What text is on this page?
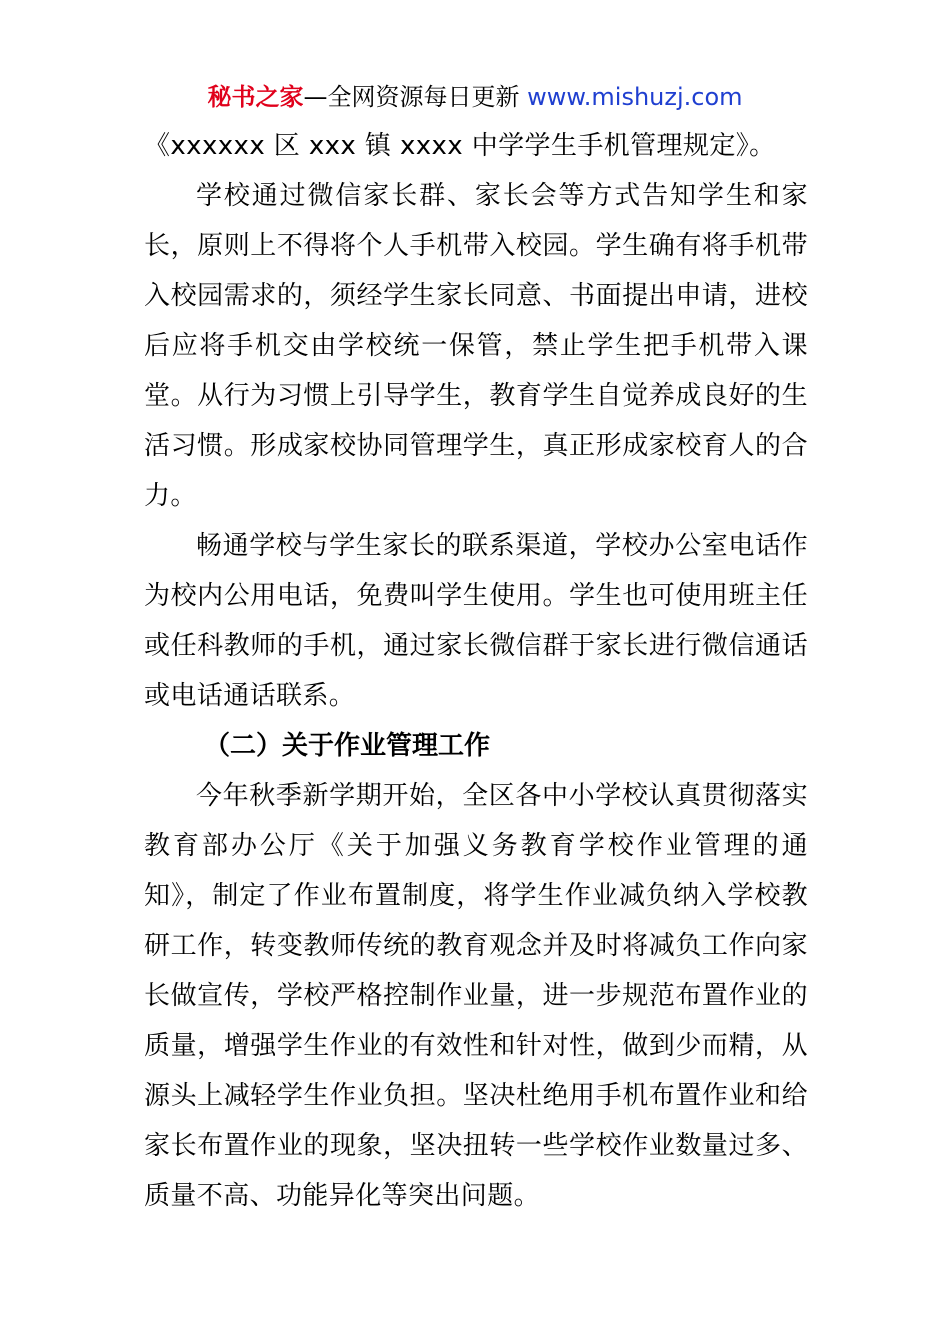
秘书之家—全网资源每日更新 www.mishuzj.com

《xxxxxx 区 xxx 镇 xxxx 中学学生手机管理规定》。

学校通过微信家长群、家长会等方式告知学生和家长，原则上不得将个人手机带入校园。学生确有将手机带入校园需求的，须经学生家长同意、书面提出申请，进校后应将手机交由学校统一保管，禁止学生把手机带入课堂。从行为习惯上引导学生，教育学生自觉养成良好的生活习惯。形成家校协同管理学生，真正形成家校育人的合力。

畅通学校与学生家长的联系渠道，学校办公室电话作为校内公用电话，免费叫学生使用。学生也可使用班主任或任科教师的手机，通过家长微信群于家长进行微信通话或电话通话联系。

（二）关于作业管理工作

今年秋季新学期开始，全区各中小学校认真贯彻落实教育部办公厅《关于加强义务教育学校作业管理的通知》，制定了作业布置制度，将学生作业减负纳入学校教研工作，转变教师传统的教育观念并及时将减负工作向家长做宣传，学校严格控制作业量，进一步规范布置作业的质量，增强学生作业的有效性和针对性，做到少而精，从源头上减轻学生作业负担。坚决杜绝用手机布置作业和给家长布置作业的现象，坚决扭转一些学校作业数量过多、质量不高、功能异化等突出问题。
